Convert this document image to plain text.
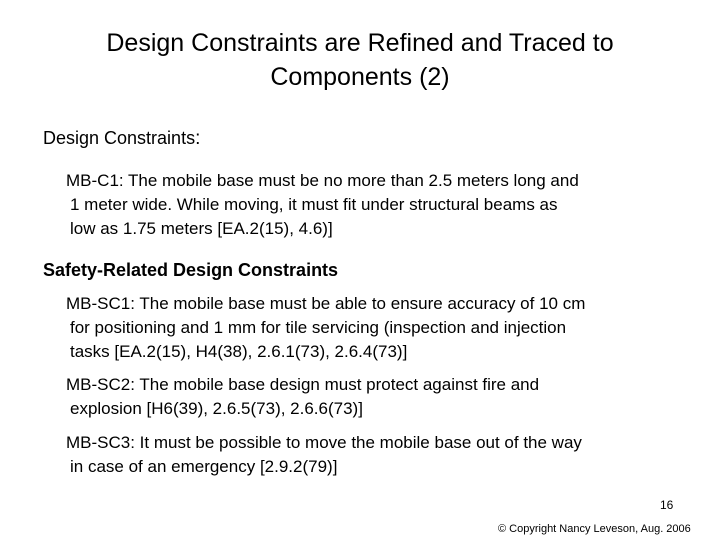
Design Constraints are Refined and Traced to
Components (2)
Design Constraints:
MB-C1: The mobile base must be no more than 2.5 meters long and
1 meter wide. While moving, it must fit under structural beams as
low as 1.75 meters [EA.2(15), 4.6)]
Safety-Related Design Constraints
MB-SC1: The mobile base must be able to ensure accuracy of 10 cm
for positioning and 1 mm for tile servicing (inspection and injection
tasks [EA.2(15), H4(38), 2.6.1(73), 2.6.4(73)]
MB-SC2: The mobile base design must protect against fire and
explosion [H6(39), 2.6.5(73), 2.6.6(73)]
MB-SC3: It must be possible to move the mobile base out of the way
in case of an emergency [2.9.2(79)]
16
© Copyright Nancy Leveson, Aug. 2006
